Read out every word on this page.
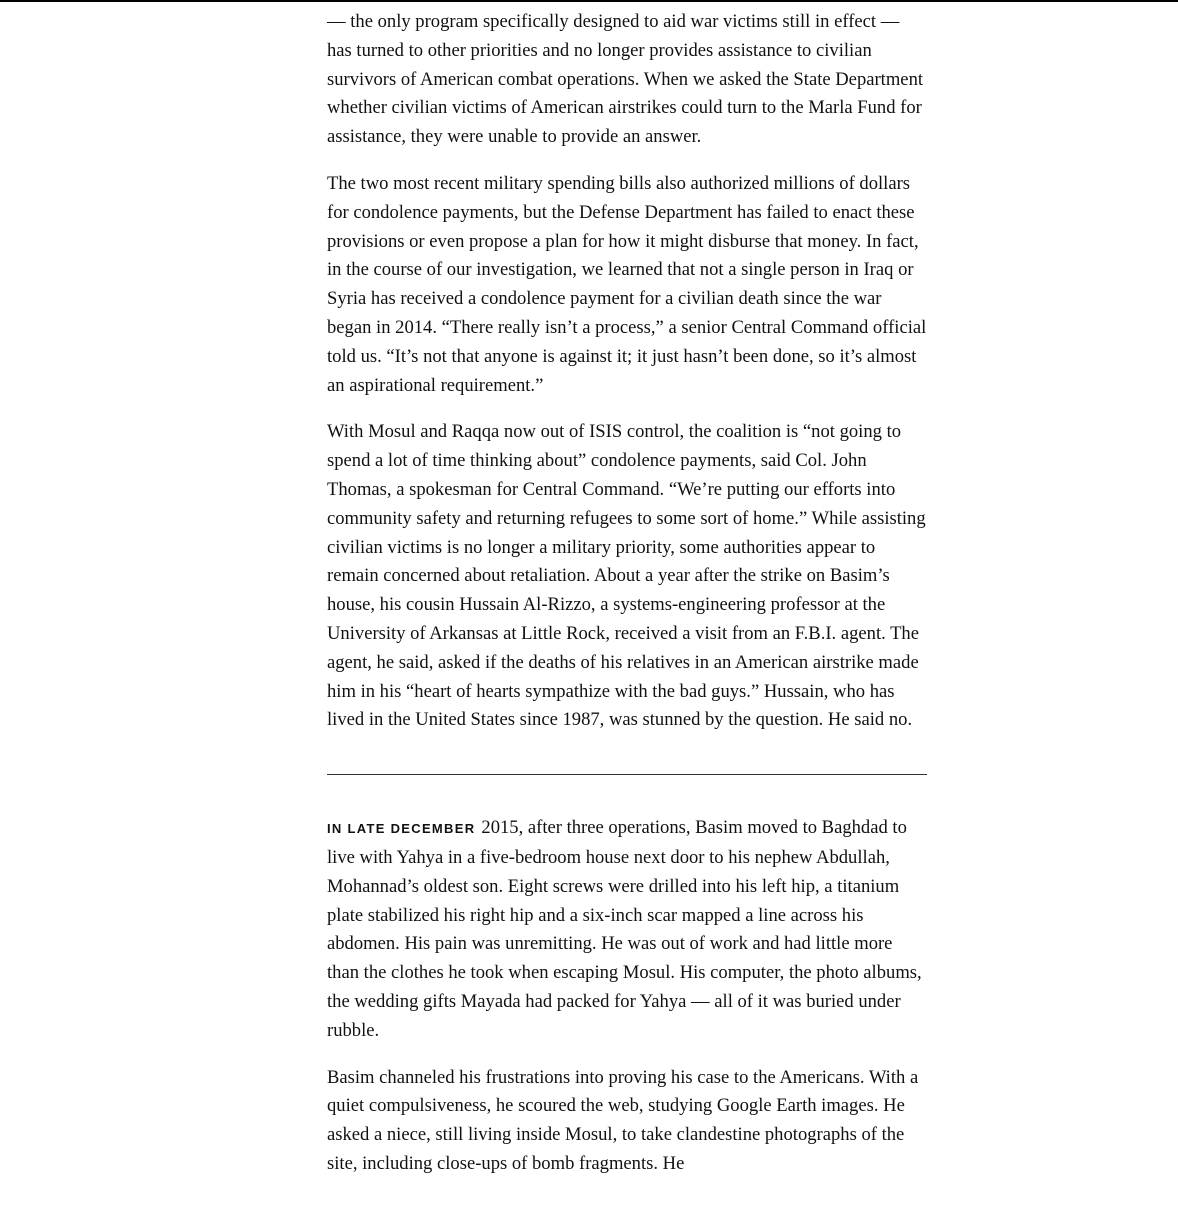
— the only program specifically designed to aid war victims still in effect — has turned to other priorities and no longer provides assistance to civilian survivors of American combat operations. When we asked the State Department whether civilian victims of American airstrikes could turn to the Marla Fund for assistance, they were unable to provide an answer.

The two most recent military spending bills also authorized millions of dollars for condolence payments, but the Defense Department has failed to enact these provisions or even propose a plan for how it might disburse that money. In fact, in the course of our investigation, we learned that not a single person in Iraq or Syria has received a condolence payment for a civilian death since the war began in 2014. “There really isn’t a process,” a senior Central Command official told us. “It’s not that anyone is against it; it just hasn’t been done, so it’s almost an aspirational requirement.”

With Mosul and Raqqa now out of ISIS control, the coalition is “not going to spend a lot of time thinking about” condolence payments, said Col. John Thomas, a spokesman for Central Command. “We’re putting our efforts into community safety and returning refugees to some sort of home.” While assisting civilian victims is no longer a military priority, some authorities appear to remain concerned about retaliation. About a year after the strike on Basim’s house, his cousin Hussain Al-Rizzo, a systems-engineering professor at the University of Arkansas at Little Rock, received a visit from an F.B.I. agent. The agent, he said, asked if the deaths of his relatives in an American airstrike made him in his “heart of hearts sympathize with the bad guys.” Hussain, who has lived in the United States since 1987, was stunned by the question. He said no.

IN LATE DECEMBER 2015, after three operations, Basim moved to Baghdad to live with Yahya in a five-bedroom house next door to his nephew Abdullah, Mohannad’s oldest son. Eight screws were drilled into his left hip, a titanium plate stabilized his right hip and a six-inch scar mapped a line across his abdomen. His pain was unremitting. He was out of work and had little more than the clothes he took when escaping Mosul. His computer, the photo albums, the wedding gifts Mayada had packed for Yahya — all of it was buried under rubble.

Basim channeled his frustrations into proving his case to the Americans. With a quiet compulsiveness, he scoured the web, studying Google Earth images. He asked a niece, still living inside Mosul, to take clandestine photographs of the site, including close-ups of bomb fragments. He
